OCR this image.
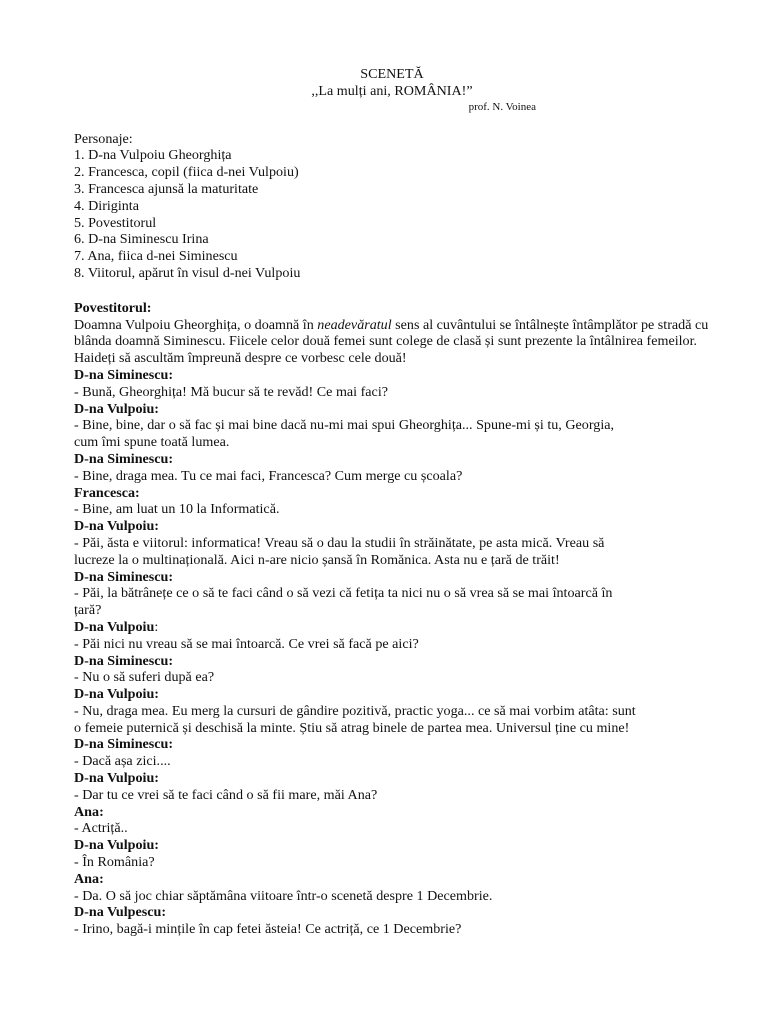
SCENETĂ
,,La mulți ani, ROMÂNIA!”
prof. N. Voinea
Personaje:
1. D-na Vulpoiu Gheorghița
2. Francesca, copil (fiica d-nei Vulpoiu)
3. Francesca ajunsă la maturitate
4. Diriginta
5. Povestitorul
6. D-na Siminescu Irina
7. Ana, fiica d-nei Siminescu
8. Viitorul, apărut în visul d-nei Vulpoiu
Povestitorul:
Doamna Vulpoiu Gheorghița, o doamnă în neadevăratul sens al cuvântului se întâlnește întâmplător pe stradă cu blânda doamnă Siminescu. Fiicele celor două femei sunt colege de clasă și sunt prezente la întâlnirea femeilor. Haideți să ascultăm împreună despre ce vorbesc cele două!
D-na Siminescu:
- Bună, Gheorghița! Mă bucur să te revăd! Ce mai faci?
D-na Vulpoiu:
- Bine, bine, dar o să fac și mai bine dacă nu-mi mai spui Gheorghița... Spune-mi și tu, Georgia,
cum îmi spune toată lumea.
D-na Siminescu:
- Bine, draga mea. Tu ce mai faci, Francesca? Cum merge cu școala?
Francesca:
- Bine, am luat un 10 la Informatică.
D-na Vulpoiu:
- Păi, ăsta e viitorul: informatica! Vreau să o dau la studii în străinătate, pe asta mică. Vreau să
lucreze la o multinațională. Aici n-are nicio șansă în Romănica. Asta nu e țară de trăit!
D-na Siminescu:
- Păi, la bătrânețe ce o să te faci când o să vezi că fetița ta nici nu o să vrea să se mai întoarcă în
țară?
D-na Vulpoiu:
- Păi nici nu vreau să se mai întoarcă. Ce vrei să facă pe aici?
D-na Siminescu:
- Nu o să suferi după ea?
D-na Vulpoiu:
- Nu, draga mea. Eu merg la cursuri de gândire pozitivă, practic yoga... ce să mai vorbim atâta: sunt
o femeie puternică și deschisă la minte. Știu să atrag binele de partea mea. Universul ține cu mine!
D-na Siminescu:
- Dacă așa zici....
D-na Vulpoiu:
- Dar tu ce vrei să te faci când o să fii mare, măi Ana?
Ana:
- Actriță..
D-na Vulpoiu:
- În România?
Ana:
- Da. O să joc chiar săptămâna viitoare într-o scenetă despre 1 Decembrie.
D-na Vulpescu:
- Irino, bagă-i mințile în cap fetei ăsteia! Ce actriță, ce 1 Decembrie?
